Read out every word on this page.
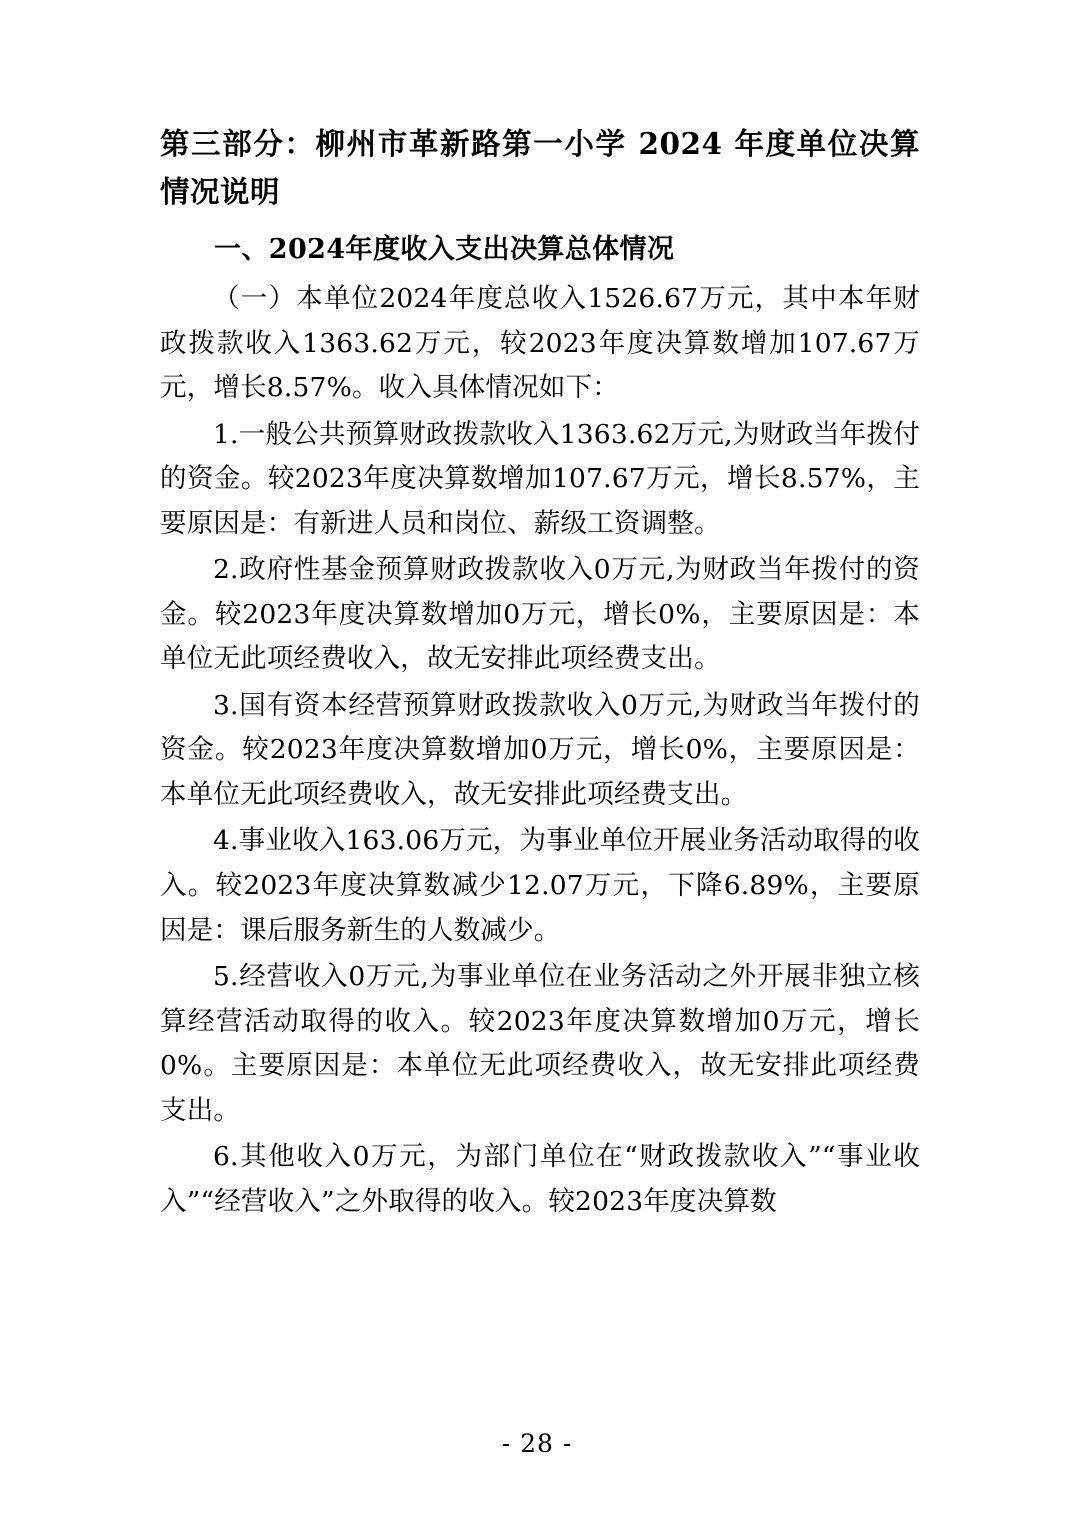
第三部分：柳州市革新路第一小学 2024 年度单位决算情况说明
一、2024年度收入支出决算总体情况

（一）本单位2024年度总收入1526.67万元，其中本年财政拨款收入1363.62万元，较2023年度决算数增加107.67万元，增长8.57%。收入具体情况如下：

1.一般公共预算财政拨款收入1363.62万元,为财政当年拨付的资金。较2023年度决算数增加107.67万元，增长8.57%，主要原因是：有新进人员和岗位、薪级工资调整。

2.政府性基金预算财政拨款收入0万元,为财政当年拨付的资金。较2023年度决算数增加0万元，增长0%，主要原因是：本单位无此项经费收入，故无安排此项经费支出。

3.国有资本经营预算财政拨款收入0万元,为财政当年拨付的资金。较2023年度决算数增加0万元，增长0%，主要原因是：本单位无此项经费收入，故无安排此项经费支出。

4.事业收入163.06万元，为事业单位开展业务活动取得的收入。较2023年度决算数减少12.07万元，下降6.89%，主要原因是：课后服务新生的人数减少。

5.经营收入0万元,为事业单位在业务活动之外开展非独立核算经营活动取得的收入。较2023年度决算数增加0万元，增长0%。主要原因是：本单位无此项经费收入，故无安排此项经费支出。

6.其他收入0万元，为部门单位在“财政拨款收入”“事业收入”“经营收入”之外取得的收入。较2023年度决算数

- 28 -
